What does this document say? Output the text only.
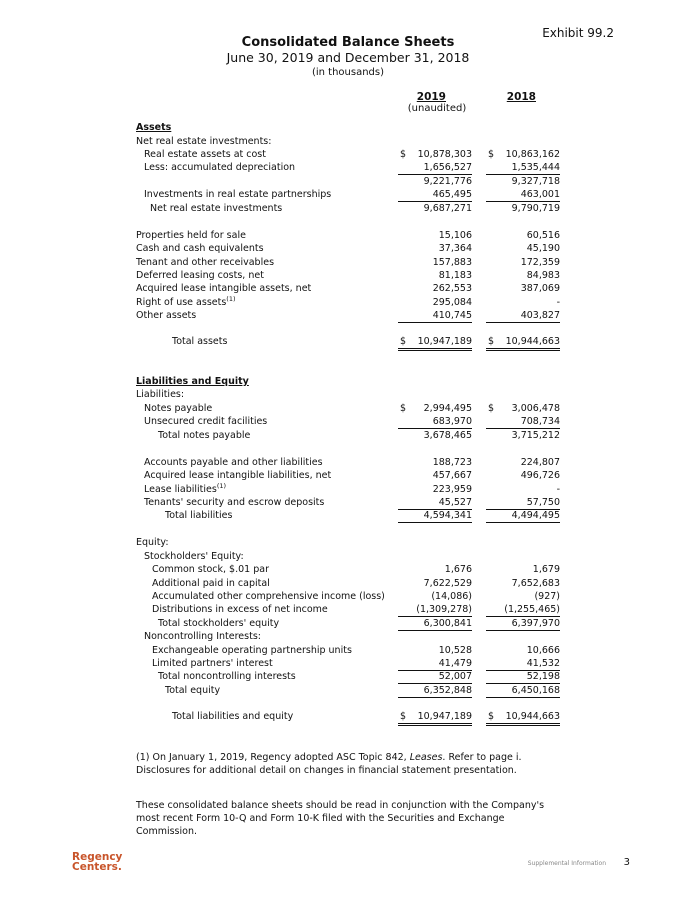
Exhibit 99.2
Consolidated Balance Sheets
June 30, 2019 and December 31, 2018
(in thousands)
2019	2018
(unaudited)
Assets
Net real estate investments:
Real estate assets at cost	$ 10,878,303 $ 10,863,162
Less: accumulated depreciation	1,656,527	1,535,444
9,221,776	9,327,718
Investments in real estate partnerships	465,495	463,001
Net real estate investments	9,687,271	9,790,719
Properties held for sale	15,106	60,516
Cash and cash equivalents	37,364	45,190
Tenant and other receivables	157,883	172,359
Deferred leasing costs, net	81,183	84,983
Acquired lease intangible assets, net	262,553	387,069
Right of use assets$^{(1)}$	295,084	-
Other assets	410,745	403,827
Total assets	$ 10,947,189 $ 10,944,663
Liabilities and Equity
Liabilities:
Notes payable	$ 2,994,495 $ 3,006,478
Unsecured credit facilities	683,970	708,734
Total notes payable	3,678,465	3,715,212
Accounts payable and other liabilities	188,723	224,807
Acquired lease intangible liabilities, net	457,667	496,726
Lease liabilities$^{(1)}$	223,959	-
Tenants' security and escrow deposits	45,527	57,750
Total liabilities	4,594,341	4,494,495
Equity:
Stockholders' Equity:
Common stock, $.01 par	1,676	1,679
Additional paid in capital	7,622,529	7,652,683
Accumulated other comprehensive income (loss)	(14,086)	(927)
Distributions in excess of net income	(1,309,278)	(1,255,465)
Total stockholders' equity	6,300,841	6,397,970
Noncontrolling Interests:
Exchangeable operating partnership units	10,528	10,666
Limited partners' interest	41,479	41,532
Total noncontrolling interests	52,007	52,198
Total equity	6,352,848	6,450,168
Total liabilities and equity	$ 10,947,189 $ 10,944,663
(1) On January 1, 2019, Regency adopted ASC Topic 842, Leases. Refer to page i. Disclosures for additional detail on changes in financial statement presentation.
These consolidated balance sheets should be read in conjunction with the Company's most recent Form 10-Q and Form 10-K filed with the Securities and Exchange Commission.
Regency
Centers.	Supplemental Information 3
